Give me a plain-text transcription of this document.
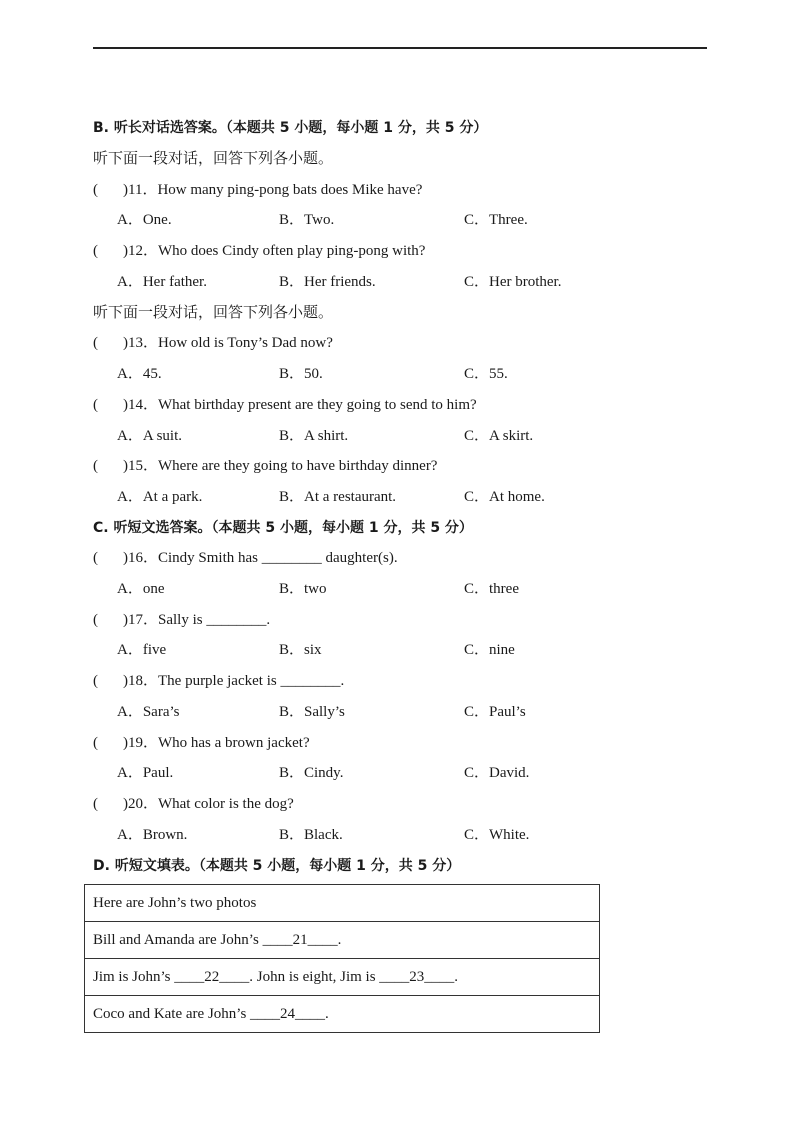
B. 听长对话选答案。（本题共 5 小题，每小题 1 分，共 5 分）
听下面一段对话，回答下列各小题。
( )11．How many ping-pong bats does Mike have?
A．One.	B．Two.	C．Three.
( )12．Who does Cindy often play ping-pong with?
A．Her father.	B．Her friends.	C．Her brother.
听下面一段对话，回答下列各小题。
( )13．How old is Tony’s Dad now?
A．45.	B．50.	C．55.
( )14．What birthday present are they going to send to him?
A．A suit.	B．A shirt.	C．A skirt.
( )15．Where are they going to have birthday dinner?
A．At a park.	B．At a restaurant.	C．At home.
C. 听短文选答案。（本题共 5 小题，每小题 1 分，共 5 分）
( )16．Cindy Smith has ________ daughter(s).
A．one	B．two	C．three
( )17．Sally is ________.
A．five	B．six	C．nine
( )18．The purple jacket is ________.
A．Sara’s	B．Sally’s	C．Paul’s
( )19．Who has a brown jacket?
A．Paul.	B．Cindy.	C．David.
( )20．What color is the dog?
A．Brown.	B．Black.	C．White.
D. 听短文填表。（本题共 5 小题，每小题 1 分，共 5 分）
Here are John’s two photos
Bill and Amanda are John’s ____21____.
Jim is John’s ____22____. John is eight, Jim is ____23____.
Coco and Kate are John’s ____24____.
